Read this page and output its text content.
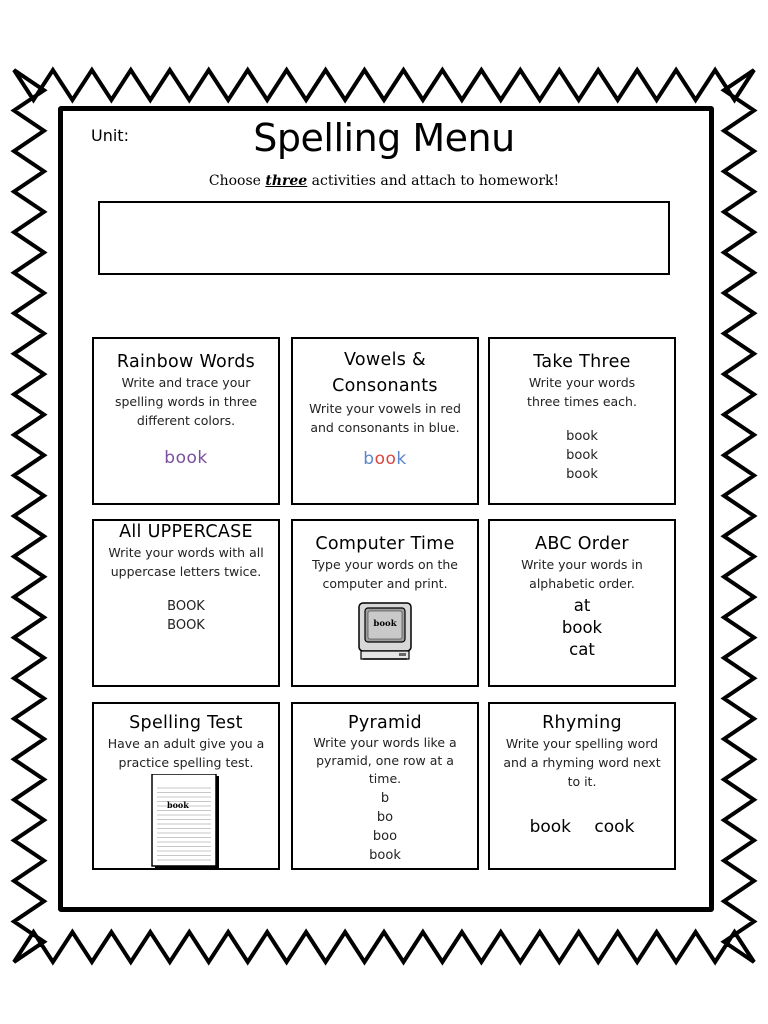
Unit:	Spelling Menu
Choose three activities and attach to homework!
Rainbow Words
Write and trace your spelling words in three different colors.
book
Vowels & Consonants
Write your vowels in red and consonants in blue.
book
Take Three
Write your words three times each.
book
book
book
All UPPERCASE
Write your words with all uppercase letters twice.
BOOK
BOOK
Computer Time
Type your words on the computer and print.
book
ABC Order
Write your words in alphabetic order.
at
book
cat
Spelling Test
Have an adult give you a practice spelling test.
book
Pyramid
Write your words like a pyramid, one row at a time.
b
bo
boo
book
Rhyming
Write your spelling word and a rhyming word next to it.
book cook
